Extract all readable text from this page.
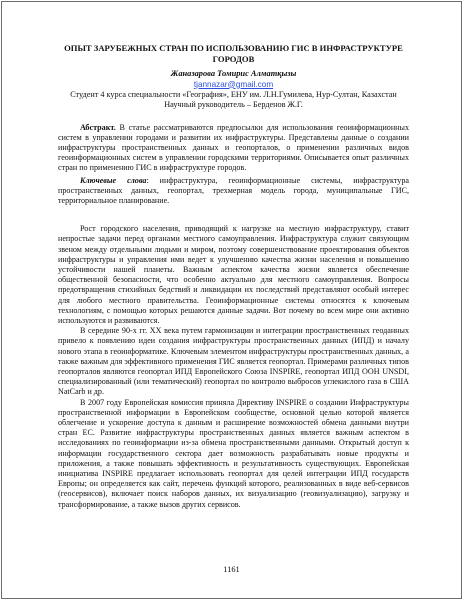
ОПЫТ ЗАРУБЕЖНЫХ СТРАН ПО ИСПОЛЬЗОВАНИЮ ГИС В ИНФРАСТРУКТУРЕ ГОРОДОВ

Жаназарова Томирис Алматқызы

tjannazar@gmail.com

Студент 4 курса специальности «География», ЕНУ им. Л.Н.Гумилева, Нур-Султан, Казахстан

Научный руководитель – Берденов Ж.Г.

Абстракт. В статье рассматриваются предпосылки для использования геоинформационных систем в управлении городами и развитии их инфраструктуры. Представлены данные о создании инфраструктуры пространственных данных и геопорталов, о применении различных видов геоинформационных систем в управлении городскими территориями. Описывается опыт различных стран по применению ГИС в инфраструктуре городов.

Ключевые слова: инфраструктура, геоинформационные системы, инфраструктура пространственных данных, геопортал, трехмерная модель города, муниципальные ГИС, территориальное планирование.

Рост городского населения, приводящий к нагрузке на местную инфраструктуру, ставит непростые задачи перед органами местного самоуправления. Инфраструктура служит связующим звеном между отдельными людьми и миром, поэтому совершенствование проектирования объектов инфраструктуры и управления ими ведет к улучшению качества жизни населения и повышению устойчивости нашей планеты. Важным аспектом качества жизни является обеспечение общественной безопасности, что особенно актуально для местного самоуправления. Вопросы предотвращения стихийных бедствий и ликвидации их последствий представляют особый интерес для любого местного правительства. Геоинформационные системы относятся к ключевым технологиям, с помощью которых решаются данные задачи. Вот почему во всем мире они активно используются и развиваются.

В середине 90-х гг. XX века путем гармонизации и интеграции пространственных геоданных привело к появлению идеи создания инфраструктуры пространственных данных (ИПД) и началу нового этапа в геоинформатике. Ключевым элементом инфраструктуры пространственных данных, а также важным для эффективного применения ГИС является геопортал. Примерами различных типов геопорталов являются геопортал ИПД Европейского Союза INSPIRE, геопортал ИПД ООН UNSDI, специализированный (или тематический) геопортал по контролю выбросов углекислого газа в США NatCarb и др.

В 2007 году Европейская комиссия приняла Директиву INSPIRE о создании Инфраструктуры пространственной информации в Европейском сообществе, основной целью которой является облегчение и ускорение доступа к данным и расширение возможностей обмена данными внутри стран ЕС. Развитие инфраструктуры пространственных данных является важным аспектом в исследованиях по геоинформации из-за обмена пространственными данными. Открытый доступ к информации государственного сектора дает возможность разрабатывать новые продукты и приложения, а также повышать эффективность и результативность существующих. Европейская инициатива INSPIRE предлагает использовать геопортал для целей интеграции ИПД государств Европы; он определяется как сайт, перечень функций которого, реализованных в виде веб-сервисов (геосервисов), включает поиск наборов данных, их визуализацию (геовизуализацию), загрузку и трансформирование, а также вызов других сервисов.

1161
